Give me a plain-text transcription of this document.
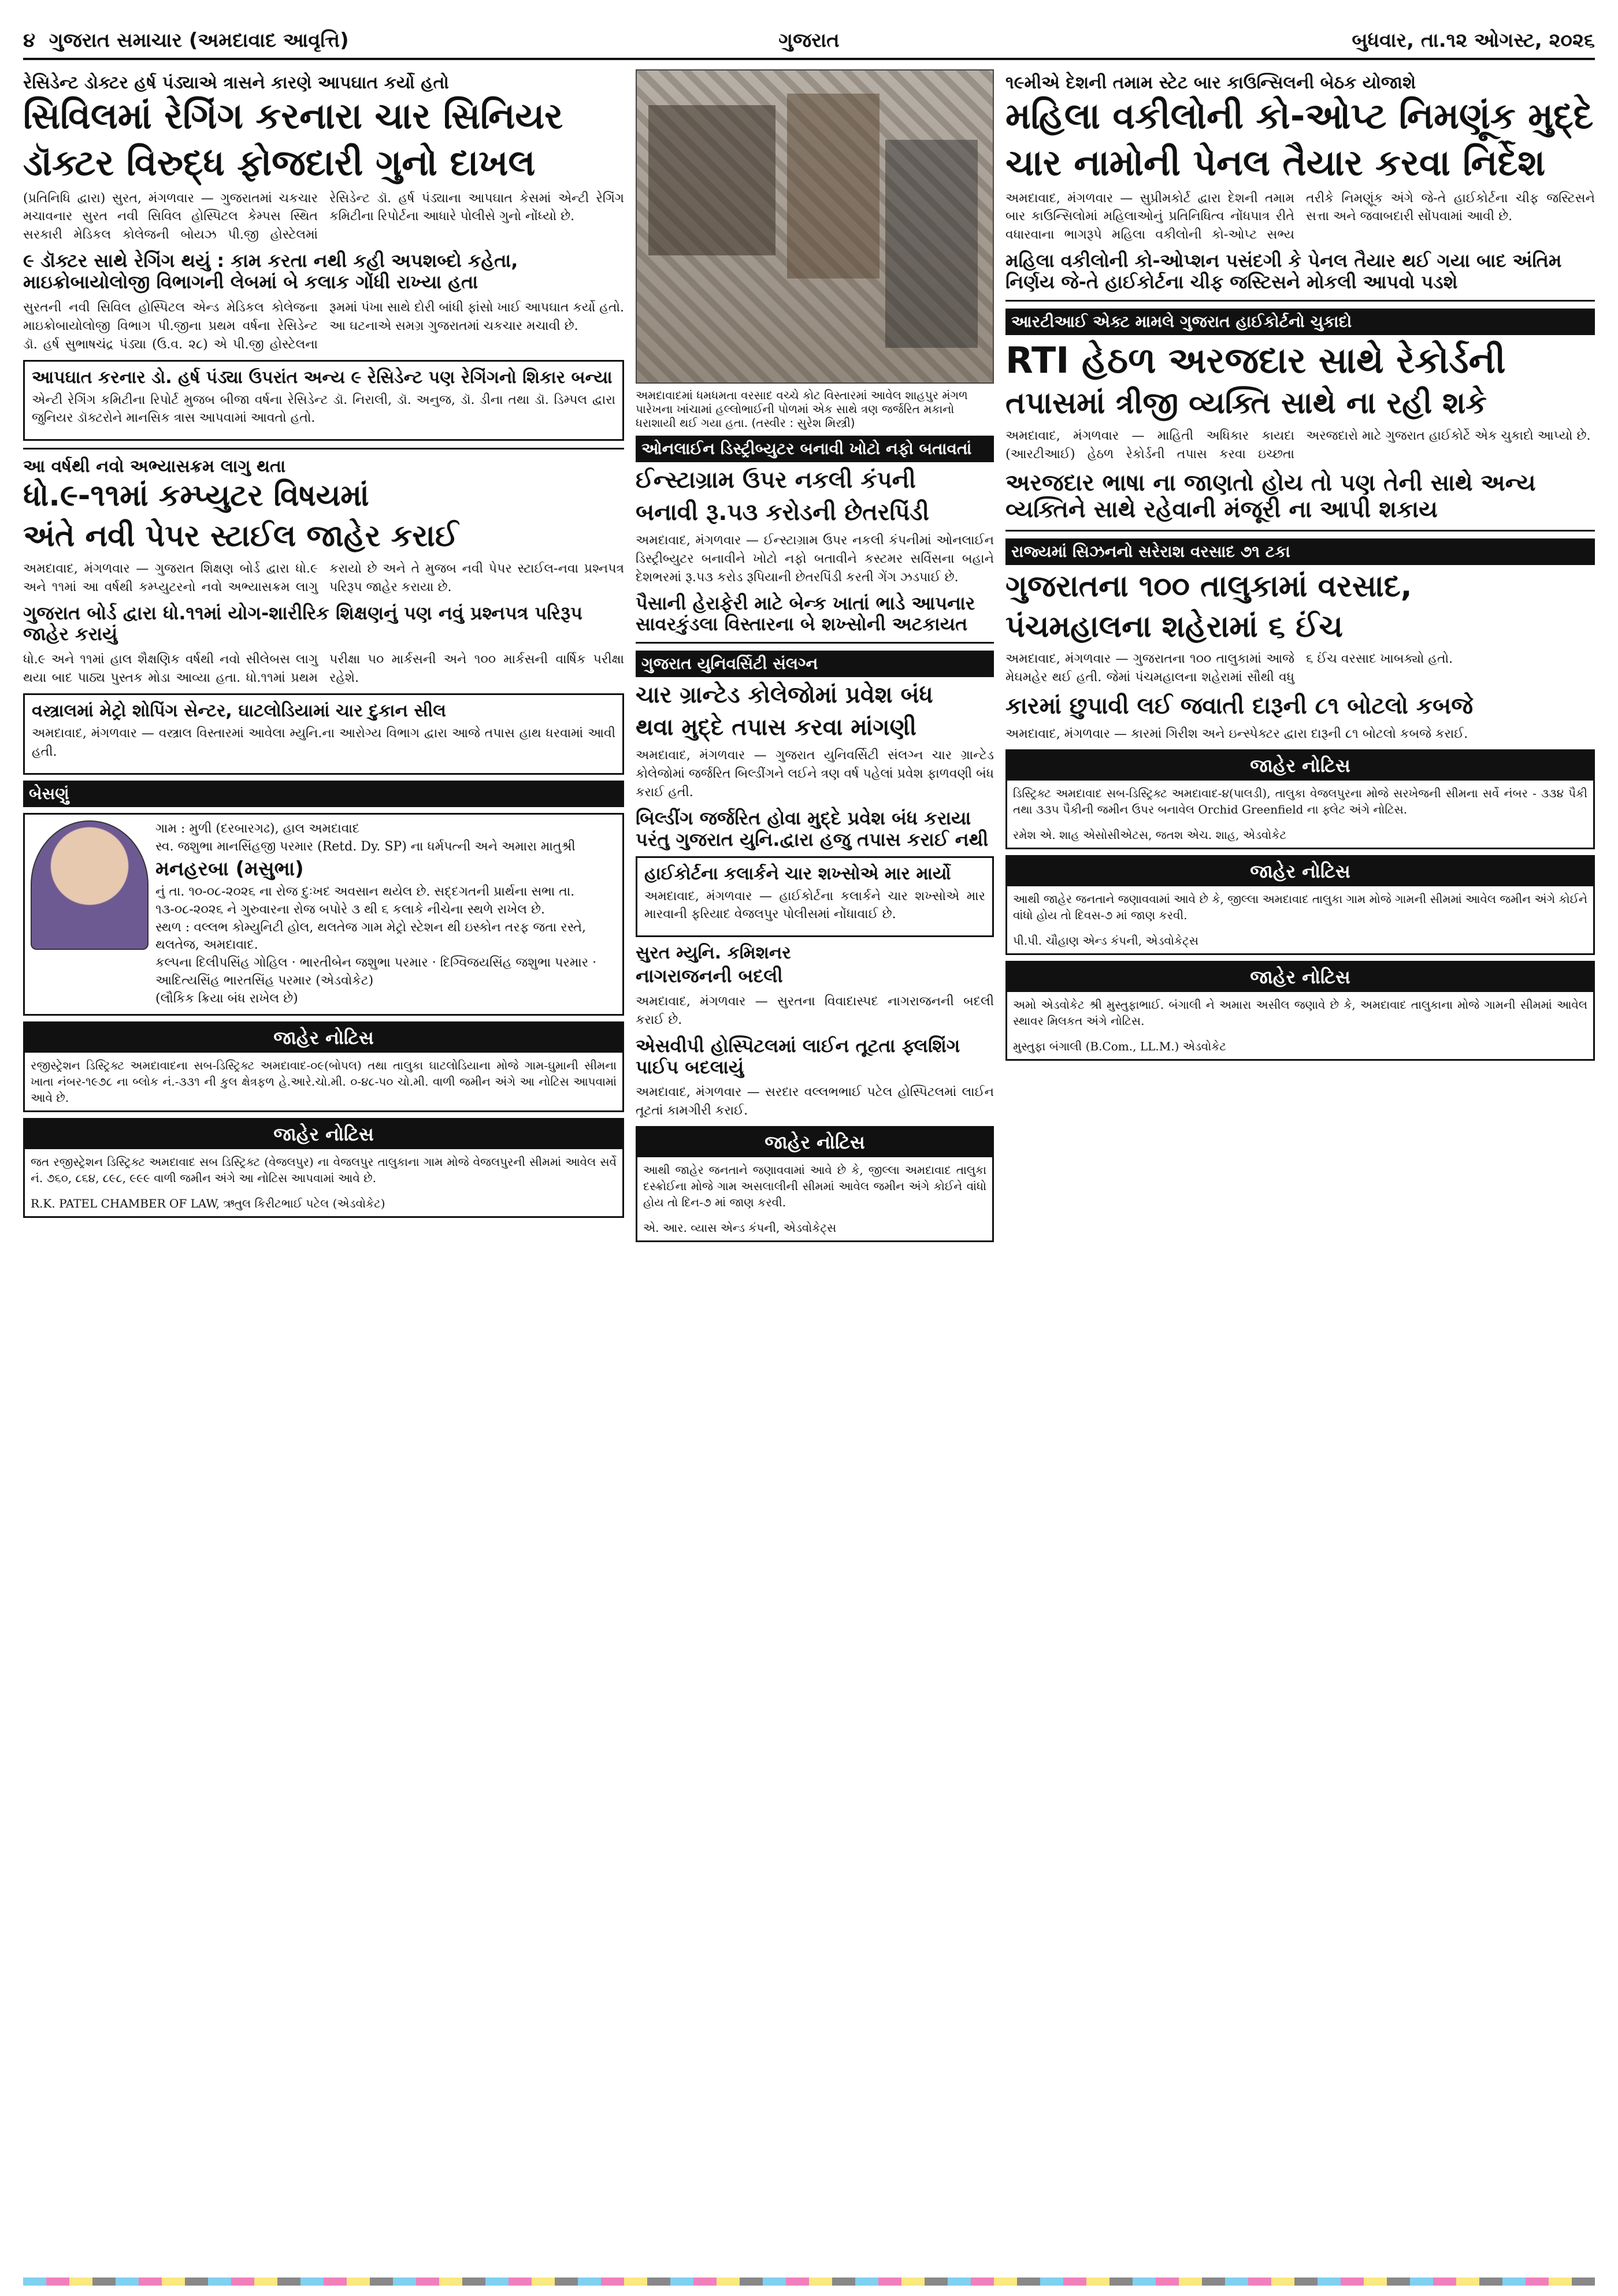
૪ ગુજરાત સમાચાર (અમદાવાદ આવૃત્તિ)	ગુજરાત	બુધવાર, તા.૧૨ ઓગસ્ટ, ૨૦૨૬
રેસિડેન્ટ ડોક્ટર હર્ષ પંડ્યાએ ત્રાસને કારણે આપઘાત કર્યો હતો
સિવિલમાં રેગિંગ કરનારા ચાર સિનિયર
ડૉક્ટર વિરુદ્ધ ફોજદારી ગુનો દાખલ

(પ્રતિનિધિ દ્વારા) સુરત, મંગળવાર — ગુજરાતમાં ચકચાર મચાવનાર સુરત નવી સિવિલ હોસ્પિટલ કેમ્પસ સ્થિત સરકારી મેડિકલ કોલેજની બોયઝ પી.જી હોસ્ટેલમાં રેસિડેન્ટ ડૉ. હર્ષ પંડ્યાના આપઘાત કેસમાં એન્ટી રેગિંગ કમિટીના રિપોર્ટના આધારે પોલીસે ગુનો નોંધ્યો છે.

૯ ડૉક્ટર સાથે રેગિંગ થયું : કામ કરતા નથી કહી અપશબ્દો કહેતા, માઇક્રોબાયોલોજી વિભાગની લેબમાં બે કલાક ગોંધી રાખ્યા હતા

સુરતની નવી સિવિલ હોસ્પિટલ એન્ડ મેડિકલ કોલેજના માઇક્રોબાયોલોજી વિભાગ પી.જીના પ્રથમ વર્ષના રેસિડેન્ટ ડૉ. હર્ષ સુભાષચંદ્ર પંડ્યા (ઉ.વ. ૨૮) એ પી.જી હોસ્ટેલના રૂમમાં પંખા સાથે દોરી બાંધી ફાંસો ખાઈ આપઘાત કર્યો હતો. આ ઘટનાએ સમગ્ર ગુજરાતમાં ચકચાર મચાવી છે.

આપઘાત કરનાર ડો. હર્ષ પંડ્યા ઉપરાંત અન્ય ૯ રેસિડેન્ટ પણ રેગિંગનો શિકાર બન્યા

એન્ટી રેગિંગ કમિટીના રિપોર્ટ મુજબ બીજા વર્ષના રેસિડેન્ટ ડૉ. નિરાલી, ડૉ. અનુજ, ડૉ. ડીના તથા ડૉ. ડિમ્પલ દ્વારા જુનિયર ડૉક્ટરોને માનસિક ત્રાસ આપવામાં આવતો હતો.

આ વર્ષથી નવો અભ્યાસક્રમ લાગુ થતા
ધો.૯-૧૧માં કમ્પ્યુટર વિષયમાં
અંતે નવી પેપર સ્ટાઈલ જાહેર કરાઈ

અમદાવાદ, મંગળવાર — ગુજરાત શિક્ષણ બોર્ડ દ્વારા ધો.૯ અને ૧૧માં આ વર્ષથી કમ્પ્યુટરનો નવો અભ્યાસક્રમ લાગુ કરાયો છે અને તે મુજબ નવી પેપર સ્ટાઈલ-નવા પ્રશ્નપત્ર પરિરૂપ જાહેર કરાયા છે.

ગુજરાત બોર્ડ દ્વારા ધો.૧૧માં યોગ-શારીરિક શિક્ષણનું પણ નવું પ્રશ્નપત્ર પરિરૂપ જાહેર કરાયું

ધો.૯ અને ૧૧માં હાલ શૈક્ષણિક વર્ષથી નવો સીલેબસ લાગુ થયા બાદ પાઠ્ય પુસ્તક મોડા આવ્યા હતા. ધો.૧૧માં પ્રથમ પરીક્ષા ૫૦ માર્કસની અને ૧૦૦ માર્કસની વાર્ષિક પરીક્ષા રહેશે.

વસ્ત્રાલમાં મેટ્રો શોપિંગ સેન્ટર, ઘાટલોડિયામાં ચાર દુકાન સીલ

અમદાવાદ, મંગળવાર — વસ્ત્રાલ વિસ્તારમાં આવેલા મ્યુનિ.ના આરોગ્ય વિભાગ દ્વારા આજે તપાસ હાથ ધરવામાં આવી હતી.

બેસણું
ગામ : મુળી (દરબારગઢ), હાલ અમદાવાદ
સ્વ. જશુભા માનસિંહજી પરમાર (Retd. Dy. SP) ના ધર્મપત્ની અને અમારા માતુશ્રી
મનહરબા (મસુભા)
નું તા. ૧૦-૦૮-૨૦૨૬ ના રોજ દુઃખદ અવસાન થયેલ છે. સદ્દગતની પ્રાર્થના સભા તા. ૧૩-૦૮-૨૦૨૬ ને ગુરુવારના રોજ બપોરે ૩ થી ૬ કલાકે નીચેના સ્થળે રાખેલ છે.
સ્થળ : વલ્લભ કોમ્યુનિટી હોલ, થલતેજ ગામ મેટ્રો સ્ટેશન થી ઇસ્કોન તરફ જતા રસ્તે, થલતેજ, અમદાવાદ.
કલ્પના દિલીપસિંહ ગોહિલ · ભારતીબેન જશુભા પરમાર · દિગ્વિજયસિંહ જશુભા પરમાર · આદિત્યસિંહ ભારતસિંહ પરમાર (એડવોકેટ)
(લૌકિક ક્રિયા બંધ રાખેલ છે)
જાહેર નોટિસ
રજીસ્ટ્રેશન ડિસ્ટ્રિક્ટ અમદાવાદના સબ-ડિસ્ટ્રિક્ટ અમદાવાદ-૦૯(બોપલ) તથા તાલુકા ઘાટલોડિયાના મોજે ગામ-ઘુમાની સીમના ખાતા નંબર-૧૯૭૮ ના બ્લોક નં.-૩૩૧ ની કુલ ક્ષેત્રફળ હે.આરે.ચો.મી. ૦-૪૮-૫૦ ચો.મી. વાળી જમીન અંગે આ નોટિસ આપવામાં આવે છે.
જાહેર નોટિસ
જત રજીસ્ટ્રેશન ડિસ્ટ્રિક્ટ અમદાવાદ સબ ડિસ્ટ્રિક્ટ (વેજલપુર) ના વેજલપુર તાલુકાના ગામ મોજે વેજલપુરની સીમમાં આવેલ સર્વે નં. ૭૬૦, ૮૬૪, ૮૯૮, ૯૯૯ વાળી જમીન અંગે આ નોટિસ આપવામાં આવે છે.
R.K. PATEL CHAMBER OF LAW, ઋતુલ કિરીટભાઈ પટેલ (એડવોકેટ)
અમદાવાદમાં ધમધમતા વરસાદ વચ્ચે કોટ વિસ્તારમાં આવેલ શાહપુર મંગળ પારેખના ખાંચામાં હલ્લોભાઈની પોળમાં એક સાથે ત્રણ જર્જરિત મકાનો ધરાશાયી થઈ ગયા હતા. (તસ્વીર : સુરેશ મિસ્ત્રી)
ઓનલાઈન ડિસ્ટ્રીબ્યુટર બનાવી ખોટો નફો બતાવતાં
ઈન્સ્ટાગ્રામ ઉપર નકલી કંપની
બનાવી રૂ.૫૩ કરોડની છેતરપિંડી

અમદાવાદ, મંગળવાર — ઈન્સ્ટાગ્રામ ઉપર નકલી કંપનીમાં ઓનલાઈન ડિસ્ટ્રીબ્યુટર બનાવીને ખોટો નફો બતાવીને કસ્ટમર સર્વિસના બહાને દેશભરમાં રૂ.૫૩ કરોડ રૂપિયાની છેતરપિંડી કરતી ગેંગ ઝડપાઈ છે.

પૈસાની હેરાફેરી માટે બેન્ક ખાતાં ભાડે આપનાર સાવરકુંડલા વિસ્તારના બે શખ્સોની અટકાયત
ગુજરાત યુનિવર્સિટી સંલગ્ન
ચાર ગ્રાન્ટેડ કોલેજોમાં પ્રવેશ બંધ
થવા મુદ્દે તપાસ કરવા માંગણી

અમદાવાદ, મંગળવાર — ગુજરાત યુનિવર્સિટી સંલગ્ન ચાર ગ્રાન્ટેડ કોલેજોમાં જર્જરિત બિલ્ડીંગને લઈને ત્રણ વર્ષ પહેલાં પ્રવેશ ફાળવણી બંધ કરાઈ હતી.

બિલ્ડીંગ જર્જરિત હોવા મુદ્દે પ્રવેશ બંધ કરાયા પરંતુ ગુજરાત યુનિ.દ્વારા હજુ તપાસ કરાઈ નથી
હાઈકોર્ટના કલાર્કને ચાર શખ્સોએ માર માર્યો

અમદાવાદ, મંગળવાર — હાઈકોર્ટના કલાર્કને ચાર શખ્સોએ માર મારવાની ફરિયાદ વેજલપુર પોલીસમાં નોંધાવાઈ છે.

સુરત મ્યુનિ. કમિશનર
નાગરાજનની બદલી

અમદાવાદ, મંગળવાર — સુરતના વિવાદાસ્પદ નાગરાજનની બદલી કરાઈ છે.

એસવીપી હોસ્પિટલમાં લાઈન તૂટતા ફ્લશિંગ પાઈપ બદલાયું

અમદાવાદ, મંગળવાર — સરદાર વલ્લભભાઈ પટેલ હોસ્પિટલમાં લાઈન તૂટતાં કામગીરી કરાઈ.

જાહેર નોટિસ
આથી જાહેર જનતાને જણાવવામાં આવે છે કે, જીલ્લા અમદાવાદ તાલુકા દસ્ક્રોઈના મોજે ગામ અસલાલીની સીમમાં આવેલ જમીન અંગે કોઈને વાંધો હોય તો દિન-૭ માં જાણ કરવી.
એ. આર. વ્યાસ એન્ડ કંપની, એડવોકેટ્સ
૧૯મીએ દેશની તમામ સ્ટેટ બાર કાઉન્સિલની બેઠક યોજાશે
મહિલા વકીલોની કો-ઓપ્ટ નિમણૂંક મુદ્દે
ચાર નામોની પેનલ તૈયાર કરવા નિર્દેશ

અમદાવાદ, મંગળવાર — સુપ્રીમકોર્ટ દ્વારા દેશની તમામ બાર કાઉન્સિલોમાં મહિલાઓનું પ્રતિનિધિત્વ નોંધપાત્ર રીતે વધારવાના ભાગરૂપે મહિલા વકીલોની કો-ઓપ્ટ સભ્ય તરીકે નિમણૂંક અંગે જે-તે હાઈકોર્ટના ચીફ જસ્ટિસને સત્તા અને જવાબદારી સોંપવામાં આવી છે.

મહિલા વકીલોની કો-ઓપ્શન પસંદગી કે પેનલ તૈયાર થઈ ગયા બાદ અંતિમ નિર્ણય જે-તે હાઈકોર્ટના ચીફ જસ્ટિસને મોકલી આપવો પડશે
આરટીઆઈ એક્ટ મામલે ગુજરાત હાઈકોર્ટનો ચુકાદો
RTI હેઠળ અરજદાર સાથે રેકોર્ડની
તપાસમાં ત્રીજી વ્યક્તિ સાથે ના રહી શકે

અમદાવાદ, મંગળવાર — માહિતી અધિકાર કાયદા (આરટીઆઈ) હેઠળ રેકોર્ડની તપાસ કરવા ઇચ્છતા અરજદારો માટે ગુજરાત હાઈકોર્ટે એક ચુકાદો આપ્યો છે.

અરજદાર ભાષા ના જાણતો હોય તો પણ તેની સાથે અન્ય વ્યક્તિને સાથે રહેવાની મંજૂરી ના આપી શકાય
રાજ્યમાં સિઝનનો સરેરાશ વરસાદ ૭૧ ટકા
ગુજરાતના ૧૦૦ તાલુકામાં વરસાદ,
પંચમહાલના શહેરામાં ૬ ઈંચ

અમદાવાદ, મંગળવાર — ગુજરાતના ૧૦૦ તાલુકામાં આજે મેઘમહેર થઈ હતી. જેમાં પંચમહાલના શહેરામાં સૌથી વધુ ૬ ઈંચ વરસાદ ખાબક્યો હતો.

કારમાં છુપાવી લઈ જવાતી દારૂની ૮૧ બોટલો કબજે

અમદાવાદ, મંગળવાર — કારમાં ગિરીશ અને ઇન્સ્પેક્ટર દ્વારા દારૂની ૮૧ બોટલો કબજે કરાઈ.

જાહેર નોટિસ
ડિસ્ટ્રિક્ટ અમદાવાદ સબ-ડિસ્ટ્રિક્ટ અમદાવાદ-૪(પાલડી), તાલુકા વેજલપુરના મોજે સરખેજની સીમના સર્વે નંબર - ૩૩૪ પૈકી તથા ૩૩૫ પૈકીની જમીન ઉપર બનાવેલ Orchid Greenfield ના ફ્લેટ અંગે નોટિસ.
રમેશ એ. શાહ એસોસીએટસ, જતશ એચ. શાહ, એડવોકેટ
જાહેર નોટિસ
આથી જાહેર જનતાને જણાવવામાં આવે છે કે, જીલ્લા અમદાવાદ તાલુકા ગામ મોજે ગામની સીમમાં આવેલ જમીન અંગે કોઈને વાંધો હોય તો દિવસ-૭ માં જાણ કરવી.
પી.પી. ચૌહાણ એન્ડ કંપની, એડવોકેટ્સ
જાહેર નોટિસ
અમો એડવોકેટ શ્રી મુસ્તુફાભાઈ. બંગાલી ને અમારા અસીલ જણાવે છે કે, અમદાવાદ તાલુકાના મોજે ગામની સીમમાં આવેલ સ્થાવર મિલકત અંગે નોટિસ.
મુસ્તુફા બંગાલી (B.Com., LL.M.) એડવોકેટ
